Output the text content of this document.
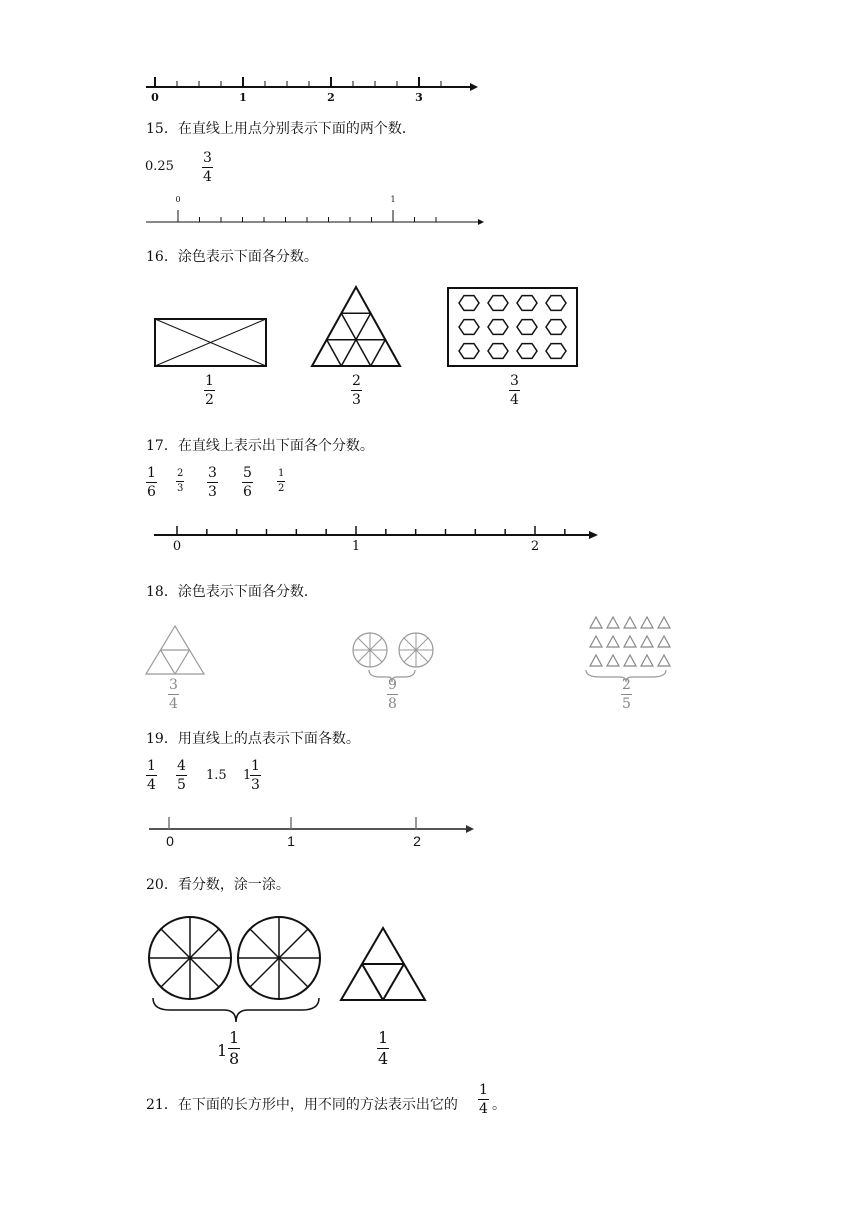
0	1	2	3
15．在直线上用点分别表示下面的两个数．
0.25
3
4
0	1
16．涂色表示下面各分数。
1
2
2
3
3
4
17．在直线上表示出下面各个分数。
1
6
2
3
3
3
5
6
1
2
0	1	2
18．涂色表示下面各分数．
3
4
9
8
2
5
19．用直线上的点表示下面各数。
1
4
4
5
1.5 1
1
3
0	1	2
20．看分数，涂一涂。
1
1
8
1
4
21．在下面的长方形中，用不同的方法表示出它的
1
4 。
